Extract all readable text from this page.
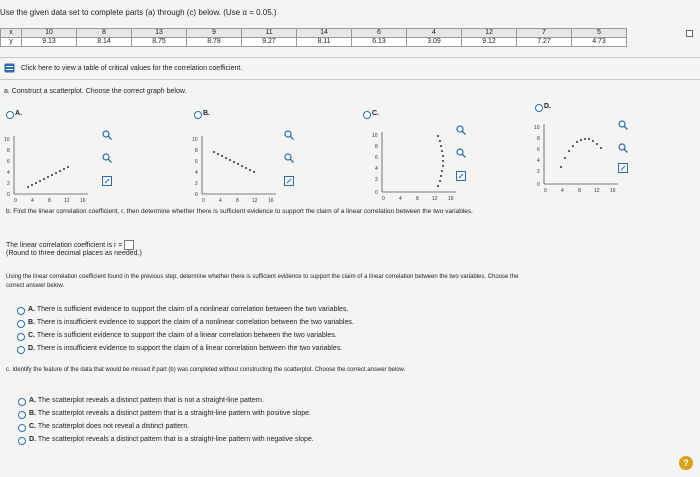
Use the given data set to complete parts (a) through (c) below. (Use α = 0.05.)
x	10	8	13	9	11	14	6	4	12	7	5
y	9.13	8.14	8.75	8.78	9.27	8.11	6.13	3.09	9.12	7.27	4.73
Click here to view a table of critical values for the correlation coefficient.
a. Construct a scatterplot. Choose the correct graph below.
A.
10
8
6
4
2
0
0	4	8	12 16
B.
10
8
6
4
2
0
0	4	8	12 16
C.
10
8
6
4
2
0
0	4	8	12 16
D.
10
8
6
4
2
0
0	4	8	12 16
b. Find the linear correlation coefficient, r, then determine whether there is sufficient evidence to support the claim of a linear correlation between the two variables.
The linear correlation coefficient is r =
(Round to three decimal places as needed.)
Using the linear correlation coefficient found in the previous step, determine whether there is sufficient evidence to support the claim of a linear correlation between the two variables. Choose the
correct answer below.
A. There is sufficient evidence to support the claim of a nonlinear correlation between the two variables.
B. There is insufficient evidence to support the claim of a nonlinear correlation between the two variables.
C. There is sufficient evidence to support the claim of a linear correlation between the two variables.
D. There is insufficient evidence to support the claim of a linear correlation between the two variables.
c. Identify the feature of the data that would be missed if part (b) was completed without constructing the scatterplot. Choose the correct answer below.
A. The scatterplot reveals a distinct pattern that is not a straight-line pattern.
B. The scatterplot reveals a distinct pattern that is a straight-line pattern with positive slope.
C. The scatterplot does not reveal a distinct pattern.
D. The scatterplot reveals a distinct pattern that is a straight-line pattern with negative slope.
?
